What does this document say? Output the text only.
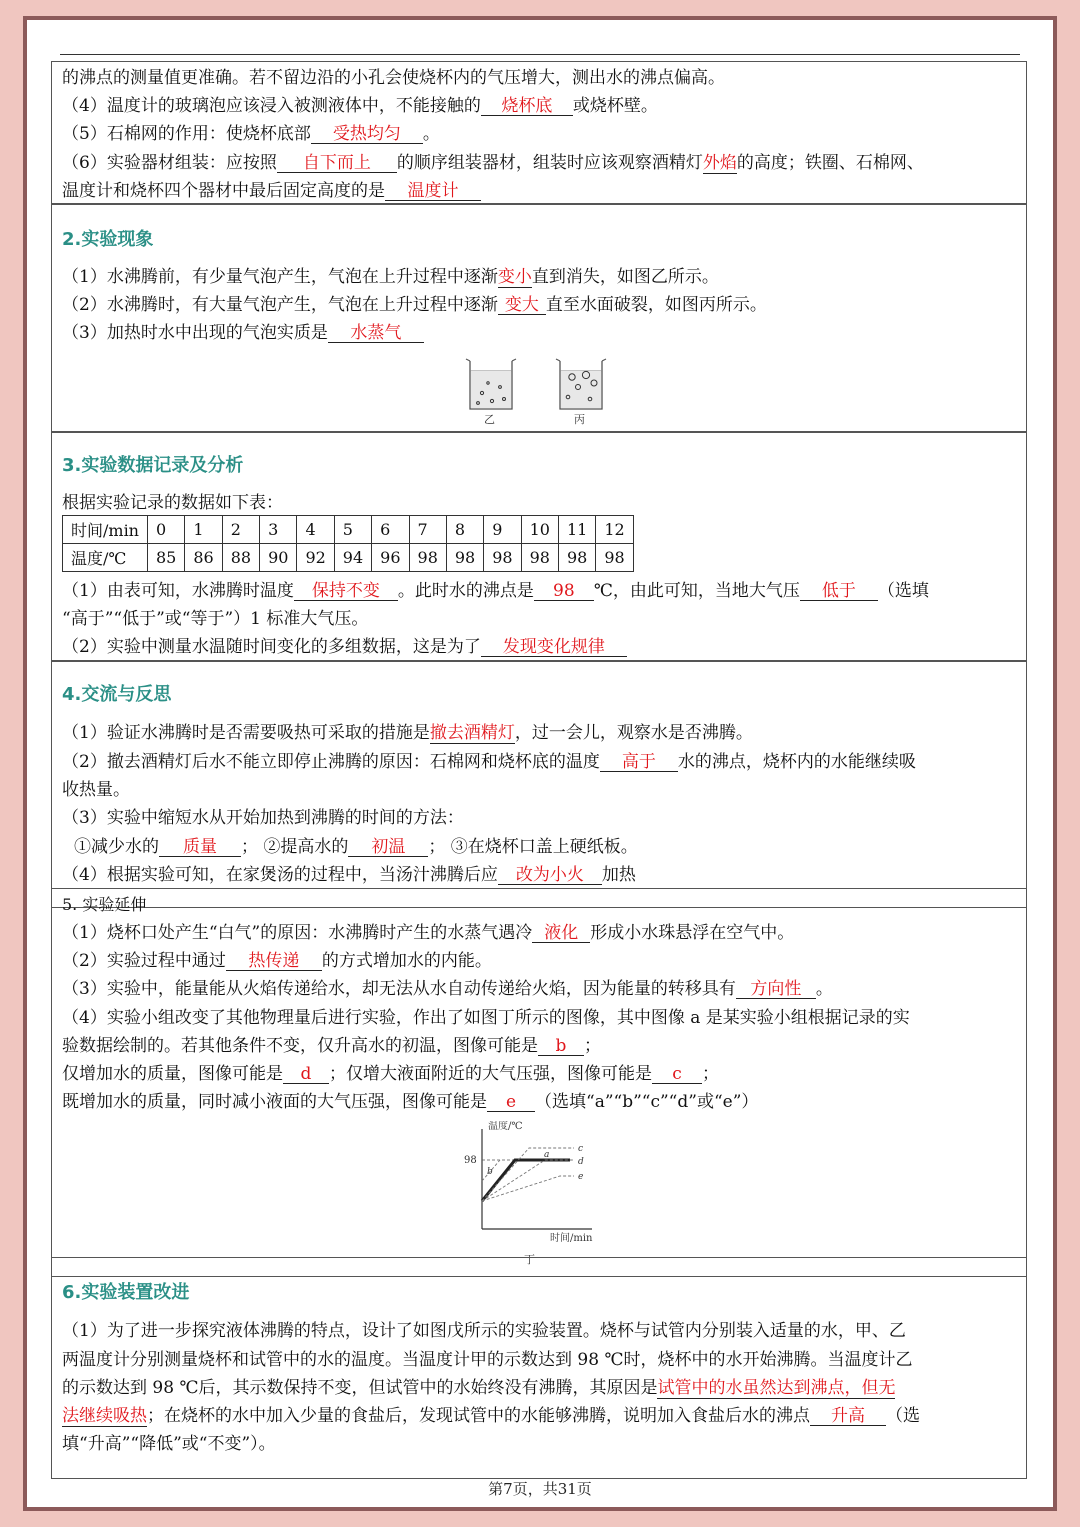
的沸点的测量值更准确。若不留边沿的小孔会使烧杯内的气压增大，测出水的沸点偏高。
（4）温度计的玻璃泡应该浸入被测液体中，不能接触的 烧杯底 或烧杯壁。
（5）石棉网的作用：使烧杯底部 受热均匀 。
（6）实验器材组装：应按照 自下而上 的顺序组装器材，组装时应该观察酒精灯外焰的高度；铁圈、石棉网、
温度计和烧杯四个器材中最后固定高度的是 温度计
2.实验现象
（1）水沸腾前，有少量气泡产生，气泡在上升过程中逐渐变小直到消失，如图乙所示。
（2）水沸腾时，有大量气泡产生，气泡在上升过程中逐渐 变大 直至水面破裂，如图丙所示。
（3）加热时水中出现的气泡实质是 水蒸气
乙	丙
3.实验数据记录及分析
根据实验记录的数据如下表：
时间/min	0	1	2	3	4	5	6	7	8	9	10	11	12
温度/℃	85	86	88	90	92	94	96	98	98	98	98	98	98
（1）由表可知，水沸腾时温度 保持不变 。此时水的沸点是 98 ℃，由此可知，当地大气压 低于 （选填
“高于”“低于”或“等于”）1 标准大气压。
（2）实验中测量水温随时间变化的多组数据，这是为了 发现变化规律
4.交流与反思
（1）验证水沸腾时是否需要吸热可采取的措施是撤去酒精灯，过一会儿，观察水是否沸腾。
（2）撤去酒精灯后水不能立即停止沸腾的原因：石棉网和烧杯底的温度 高于 水的沸点，烧杯内的水能继续吸
收热量。
（3）实验中缩短水从开始加热到沸腾的时间的方法：
①减少水的 质量 ； ②提高水的 初温 ； ③在烧杯口盖上硬纸板。
（4）根据实验可知，在家煲汤的过程中，当汤汁沸腾后应 改为小火 加热
5. 实验延伸
（1）烧杯口处产生“白气”的原因：水沸腾时产生的水蒸气遇冷 液化 形成小水珠悬浮在空气中。
（2）实验过程中通过 热传递 的方式增加水的内能。
（3）实验中，能量能从火焰传递给水，却无法从水自动传递给火焰，因为能量的转移具有 方向性 。
（4）实验小组改变了其他物理量后进行实验，作出了如图丁所示的图像，其中图像 a 是某实验小组根据记录的实
验数据绘制的。若其他条件不变，仅升高水的初温，图像可能是 b ；
仅增加水的质量，图像可能是 d ；仅增大液面附近的大气压强，图像可能是 c ；
既增加水的质量，同时减小液面的大气压强，图像可能是 e （选填“a”“b”“c”“d”或“e”）
温度/℃
98	a
b
c
d
e
时间/min
丁
6.实验装置改进
（1）为了进一步探究液体沸腾的特点，设计了如图戊所示的实验装置。烧杯与试管内分别装入适量的水，甲、乙
两温度计分别测量烧杯和试管中的水的温度。当温度计甲的示数达到 98 ℃时，烧杯中的水开始沸腾。当温度计乙
的示数达到 98 ℃后，其示数保持不变，但试管中的水始终没有沸腾，其原因是试管中的水虽然达到沸点，但无
法继续吸热；在烧杯的水中加入少量的食盐后，发现试管中的水能够沸腾，说明加入食盐后水的沸点 升高 （选
填“升高”“降低”或“不变”）。
第7页，共31页
